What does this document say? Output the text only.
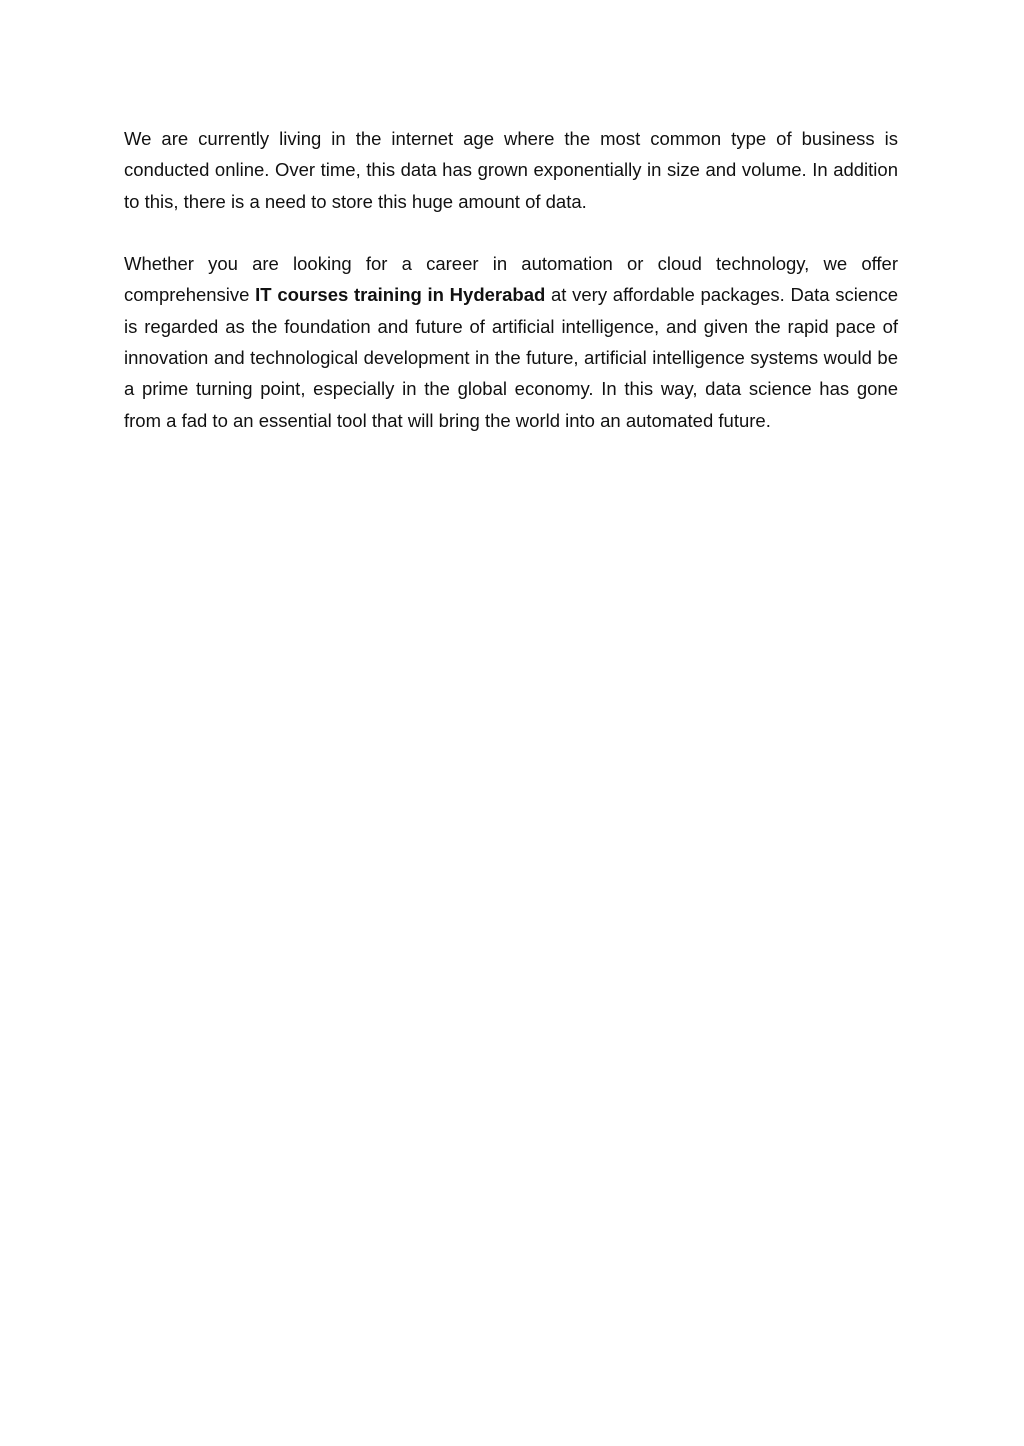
We are currently living in the internet age where the most common type of business is conducted online. Over time, this data has grown exponentially in size and volume. In addition to this, there is a need to store this huge amount of data.

Whether you are looking for a career in automation or cloud technology, we offer comprehensive IT courses training in Hyderabad at very affordable packages. Data science is regarded as the foundation and future of artificial intelligence, and given the rapid pace of innovation and technological development in the future, artificial intelligence systems would be a prime turning point, especially in the global economy. In this way, data science has gone from a fad to an essential tool that will bring the world into an automated future.
